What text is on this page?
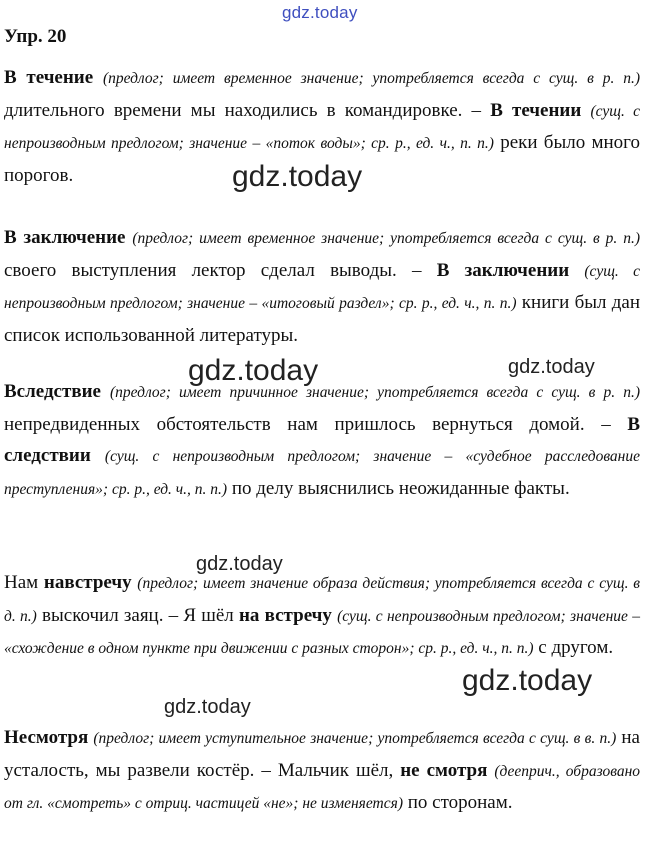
gdz.today
Упр. 20
В течение (предлог; имеет временное значение; употребляется всегда с сущ. в р. п.) длительного времени мы находились в командировке. – В течении (сущ. с непроизводным предлогом; значение – «поток воды»; ср. р., ед. ч., п. п.) реки было много порогов.
В заключение (предлог; имеет временное значение; употребляется всегда с сущ. в р. п.) своего выступления лектор сделал выводы. – В заключении (сущ. с непроизводным предлогом; значение – «итоговый раздел»; ср. р., ед. ч., п. п.) книги был дан список использованной литературы.
Вследствие (предлог; имеет причинное значение; употребляется всегда с сущ. в р. п.) непредвиденных обстоятельств нам пришлось вернуться домой. – В следствии (сущ. с непроизводным предлогом; значение – «судебное расследование преступления»; ср. р., ед. ч., п. п.) по делу выяснились неожиданные факты.
Нам навстречу (предлог; имеет значение образа действия; употребляется всегда с сущ. в д. п.) выскочил заяц. – Я шёл на встречу (сущ. с непроизводным предлогом; значение – «схождение в одном пункте при движении с разных сторон»; ср. р., ед. ч., п. п.) с другом.
Несмотря (предлог; имеет уступительное значение; употребляется всегда с сущ. в в. п.) на усталость, мы развели костёр. – Мальчик шёл, не смотря (дееприч., образовано от гл. «смотреть» с отриц. частицей «не»; не изменяется) по сторонам.
gdz.today
gdz.today	gdz.today
gdz.today
gdz.today
gdz.today
